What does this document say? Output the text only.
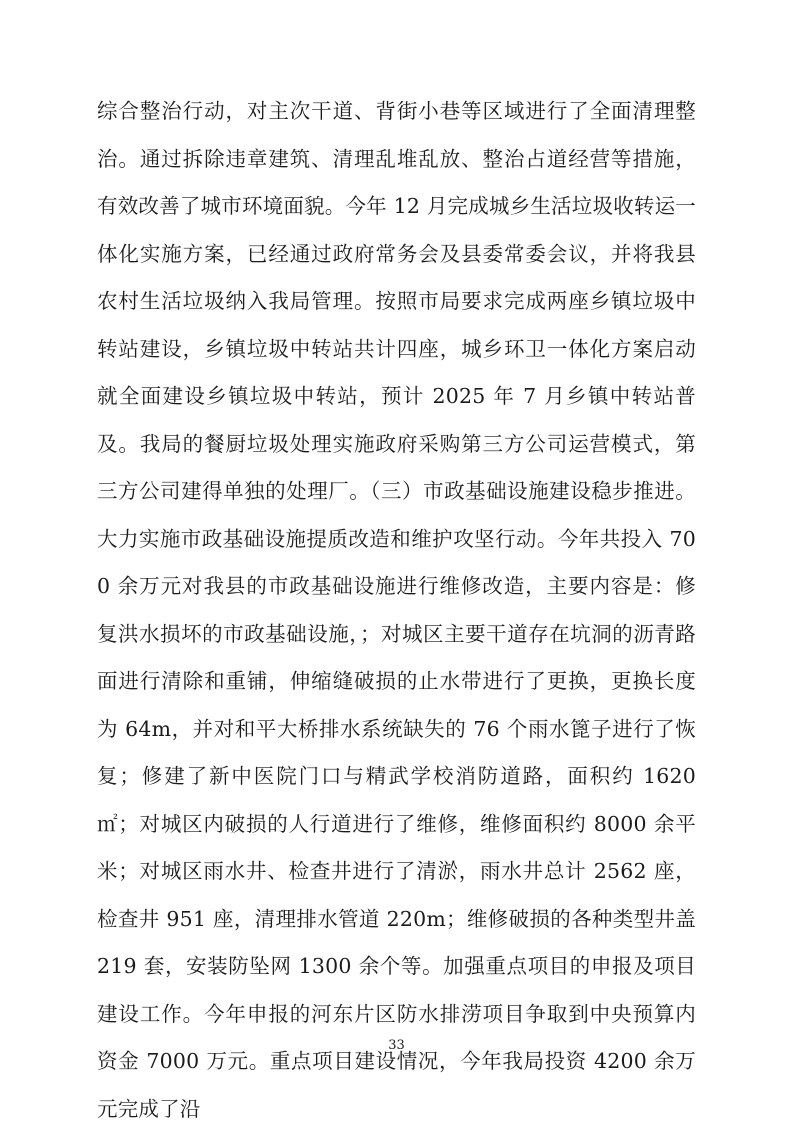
综合整治行动，对主次干道、背街小巷等区域进行了全面清理整治。通过拆除违章建筑、清理乱堆乱放、整治占道经营等措施，有效改善了城市环境面貌。今年 12 月完成城乡生活垃圾收转运一体化实施方案，已经通过政府常务会及县委常委会议，并将我县农村生活垃圾纳入我局管理。按照市局要求完成两座乡镇垃圾中转站建设，乡镇垃圾中转站共计四座，城乡环卫一体化方案启动就全面建设乡镇垃圾中转站，预计 2025 年 7 月乡镇中转站普及。我局的餐厨垃圾处理实施政府采购第三方公司运营模式，第三方公司建得单独的处理厂。（三）市政基础设施建设稳步推进。大力实施市政基础设施提质改造和维护攻坚行动。今年共投入 700 余万元对我县的市政基础设施进行维修改造，主要内容是：修复洪水损坏的市政基础设施，；对城区主要干道存在坑洞的沥青路面进行清除和重铺，伸缩缝破损的止水带进行了更换，更换长度为 64m，并对和平大桥排水系统缺失的 76 个雨水篦子进行了恢复；修建了新中医院门口与精武学校消防道路，面积约 1620 ㎡；对城区内破损的人行道进行了维修，维修面积约 8000 余平米；对城区雨水井、检查井进行了清淤，雨水井总计 2562 座，检查井 951 座，清理排水管道 220m；维修破损的各种类型井盖 219 套，安装防坠网 1300 余个等。加强重点项目的申报及项目建设工作。今年申报的河东片区防水排涝项目争取到中央预算内资金 7000 万元。重点项目建设情况，今年我局投资 4200 余万元完成了沿

33
